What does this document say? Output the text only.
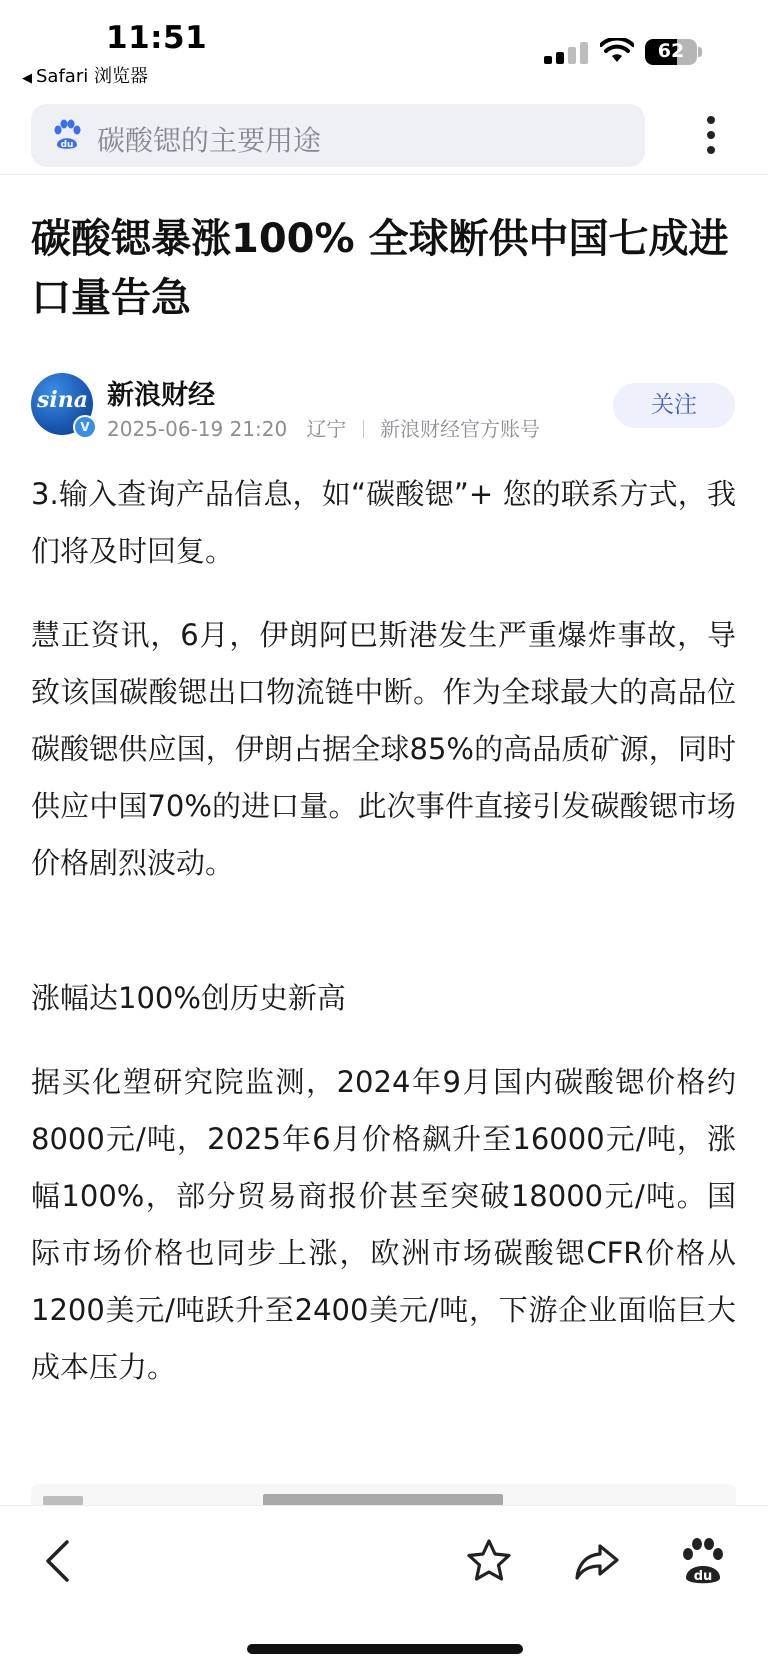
11:51
◀ Safari 浏览器
62
du 碳酸锶的主要用途
碳酸锶暴涨100% 全球断供中国七成进口量告急
sina
V
新浪财经
2025-06-19 21:20 辽宁 新浪财经官方账号
关注

3.输入查询产品信息，如“碳酸锶”+ 您的联系方式，我们将及时回复。

慧正资讯，6月，伊朗阿巴斯港发生严重爆炸事故，导致该国碳酸锶出口物流链中断。作为全球最大的高品位碳酸锶供应国，伊朗占据全球85%的高品质矿源，同时供应中国70%的进口量。此次事件直接引发碳酸锶市场价格剧烈波动。

涨幅达100%创历史新高

据买化塑研究院监测，2024年9月国内碳酸锶价格约8000元/吨，2025年6月价格飙升至16000元/吨，涨幅100%，部分贸易商报价甚至突破18000元/吨。国际市场价格也同步上涨，欧洲市场碳酸锶CFR价格从1200美元/吨跃升至2400美元/吨，下游企业面临巨大成本压力。

du
